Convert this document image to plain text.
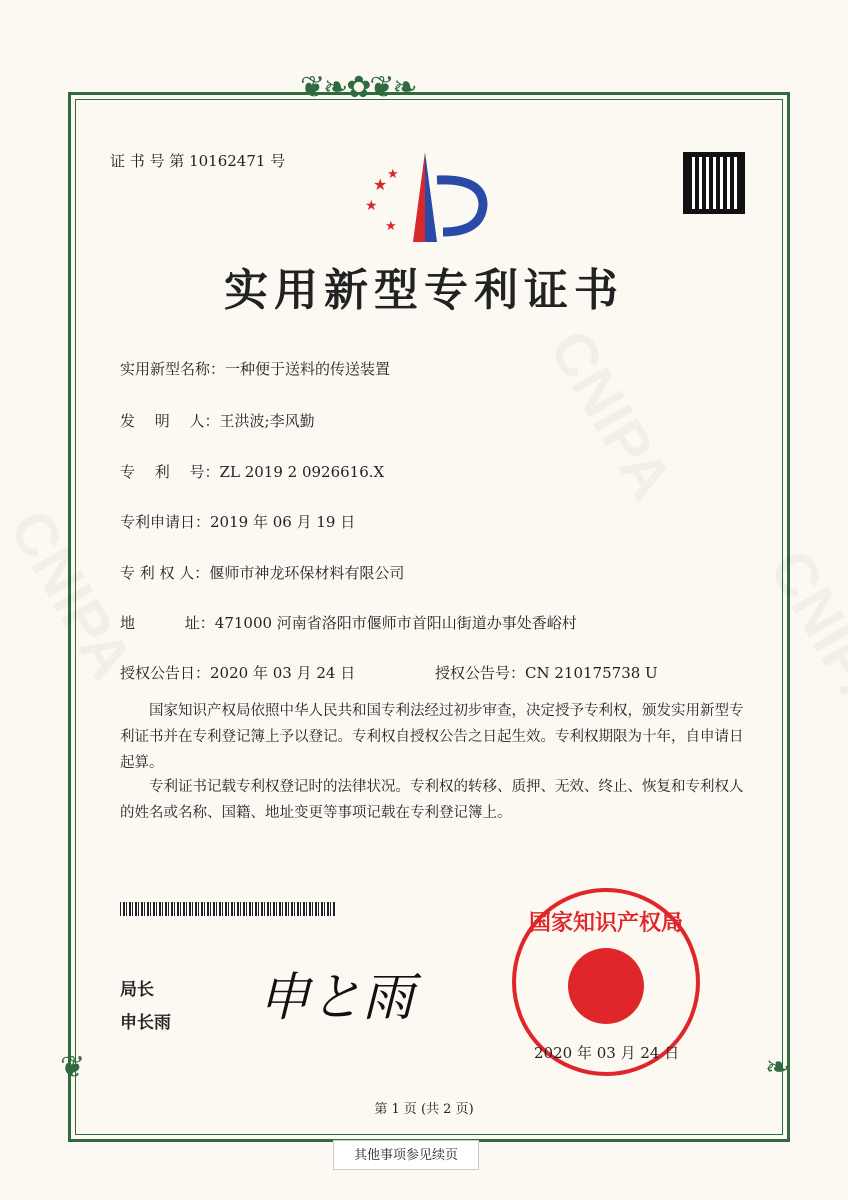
❦❧✿❦❧
❦	❧
证 书 号 第 10162471 号
★
★
★
★
实用新型专利证书
实用新型名称：一种便于送料的传送装置
发　 明　 人：王洪波;李风勤
专　 利　 号：ZL 2019 2 0926616.X
专利申请日：2019 年 06 月 19 日
专 利 权 人：偃师市神龙环保材料有限公司
地　　　 址：471000 河南省洛阳市偃师市首阳山街道办事处香峪村
授权公告日：2020 年 03 月 24 日	授权公告号：CN 210175738 U
国家知识产权局依照中华人民共和国专利法经过初步审查，决定授予专利权，颁发实用新型专利证书并在专利登记簿上予以登记。专利权自授权公告之日起生效。专利权期限为十年，自申请日起算。
专利证书记载专利权登记时的法律状况。专利权的转移、质押、无效、终止、恢复和专利权人的姓名或名称、国籍、地址变更等事项记载在专利登记簿上。
局长
申长雨 申と雨
国家知识产权局
2020 年 03 月 24 日
第 1 页 (共 2 页)
其他事项参见续页
